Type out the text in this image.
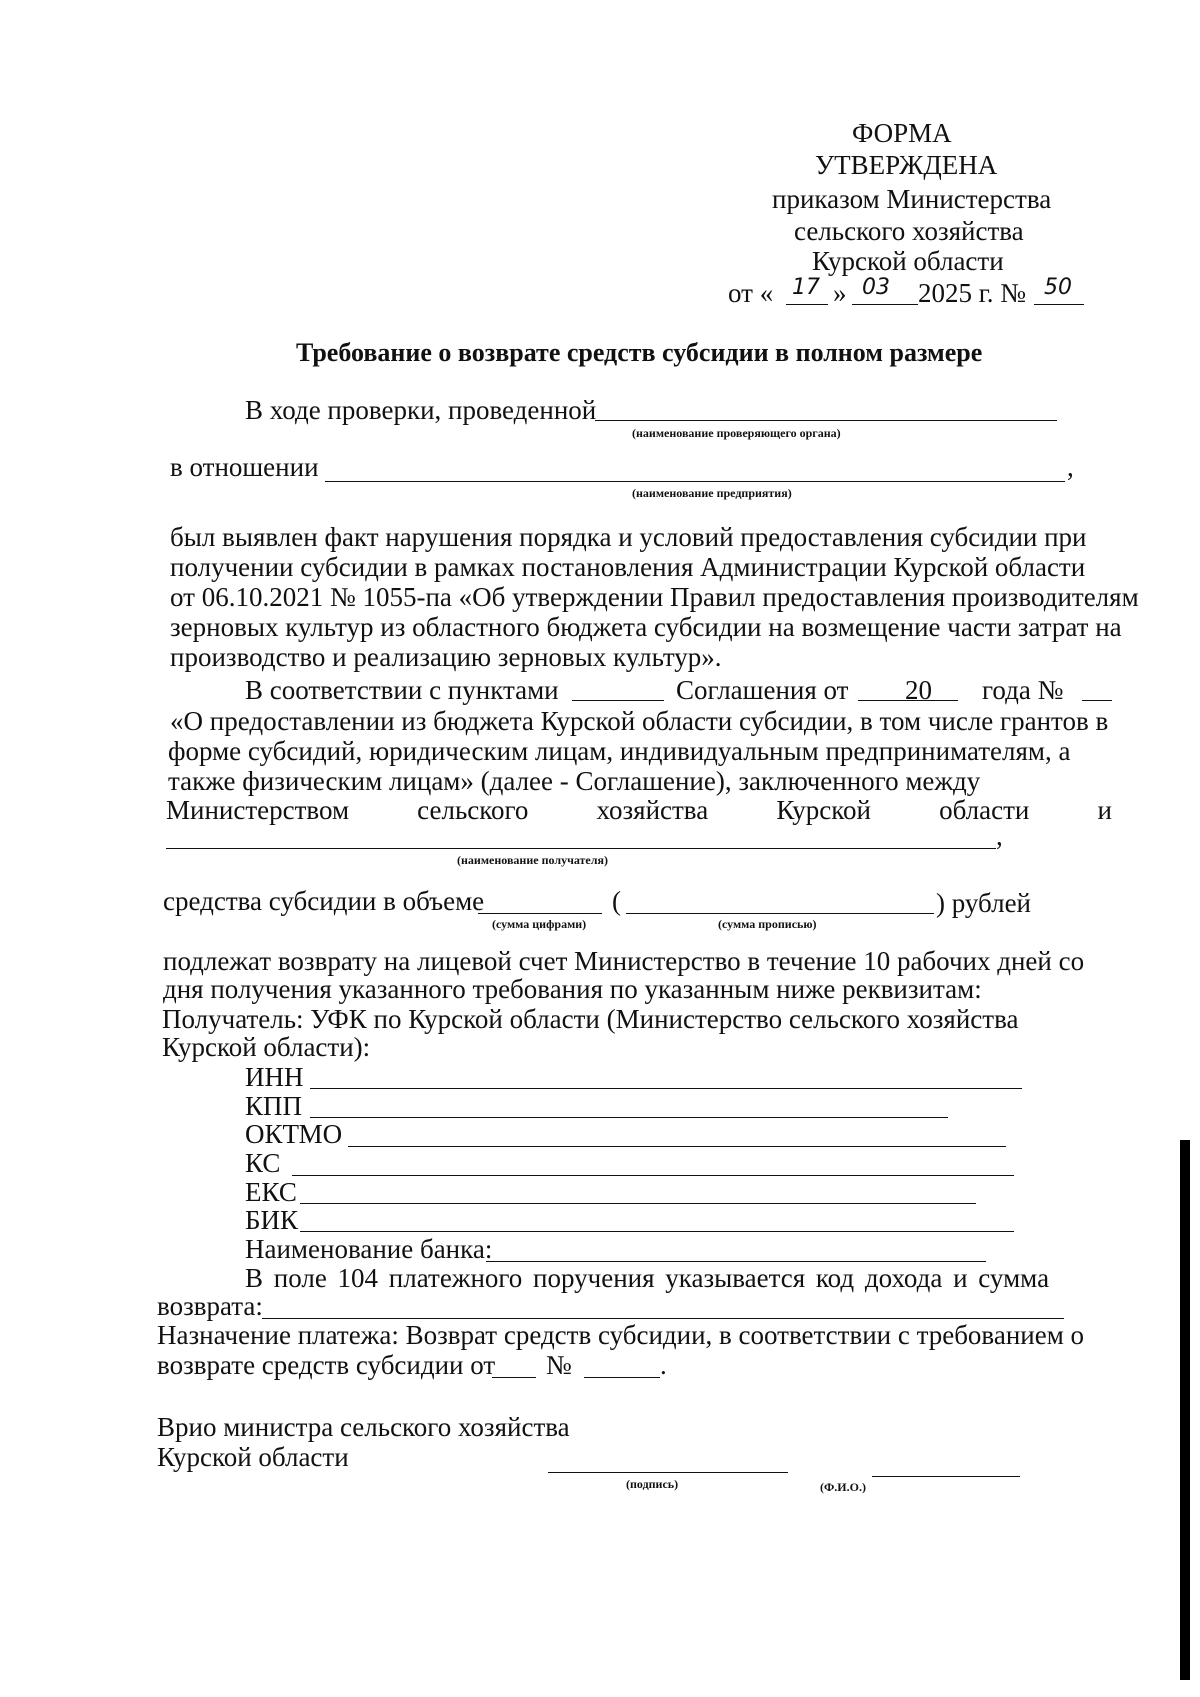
ФОРМА
УТВЕРЖДЕНА
приказом Министерства
сельского хозяйства
Курской области
от « 17 » 03 2025 г. № 50
Требование о возврате средств субсидии в полном размере
В ходе проверки, проведенной
(наименование проверяющего органа)
в отношении	,
(наименование предприятия)
был выявлен факт нарушения порядка и условий предоставления субсидии при
получении субсидии в рамках постановления Администрации Курской области
от 06.10.2021 № 1055-па «Об утверждении Правил предоставления производителям
зерновых культур из областного бюджета субсидии на возмещение части затрат на
производство и реализацию зерновых культур».
В соответствии с пунктами	Соглашения от 20 года №
«О предоставлении из бюджета Курской области субсидии, в том числе грантов в
форме субсидий, юридическим лицам, индивидуальным предпринимателям, а
также физическим лицам» (далее - Соглашение), заключенного между
Министерством	сельского	хозяйства	Курской	области	и
,
(наименование получателя)
средства субсидии в объеме
(сумма цифрами)
(
(сумма прописью)
) рублей
подлежат возврату на лицевой счет Министерство в течение 10 рабочих дней со
дня получения указанного требования по указанным ниже реквизитам:
Получатель: УФК по Курской области (Министерство сельского хозяйства
Курской области):
ИНН
КПП
ОКТМО
КС
ЕКС
БИК
Наименование банка:
В поле 104 платежного поручения указывается код дохода и сумма
возврата:
Назначение платежа: Возврат средств субсидии, в соответствии с требованием о
возврате средств субсидии от №	.
Врио министра сельского хозяйства
Курской области
(подпись)	(Ф.И.О.)
